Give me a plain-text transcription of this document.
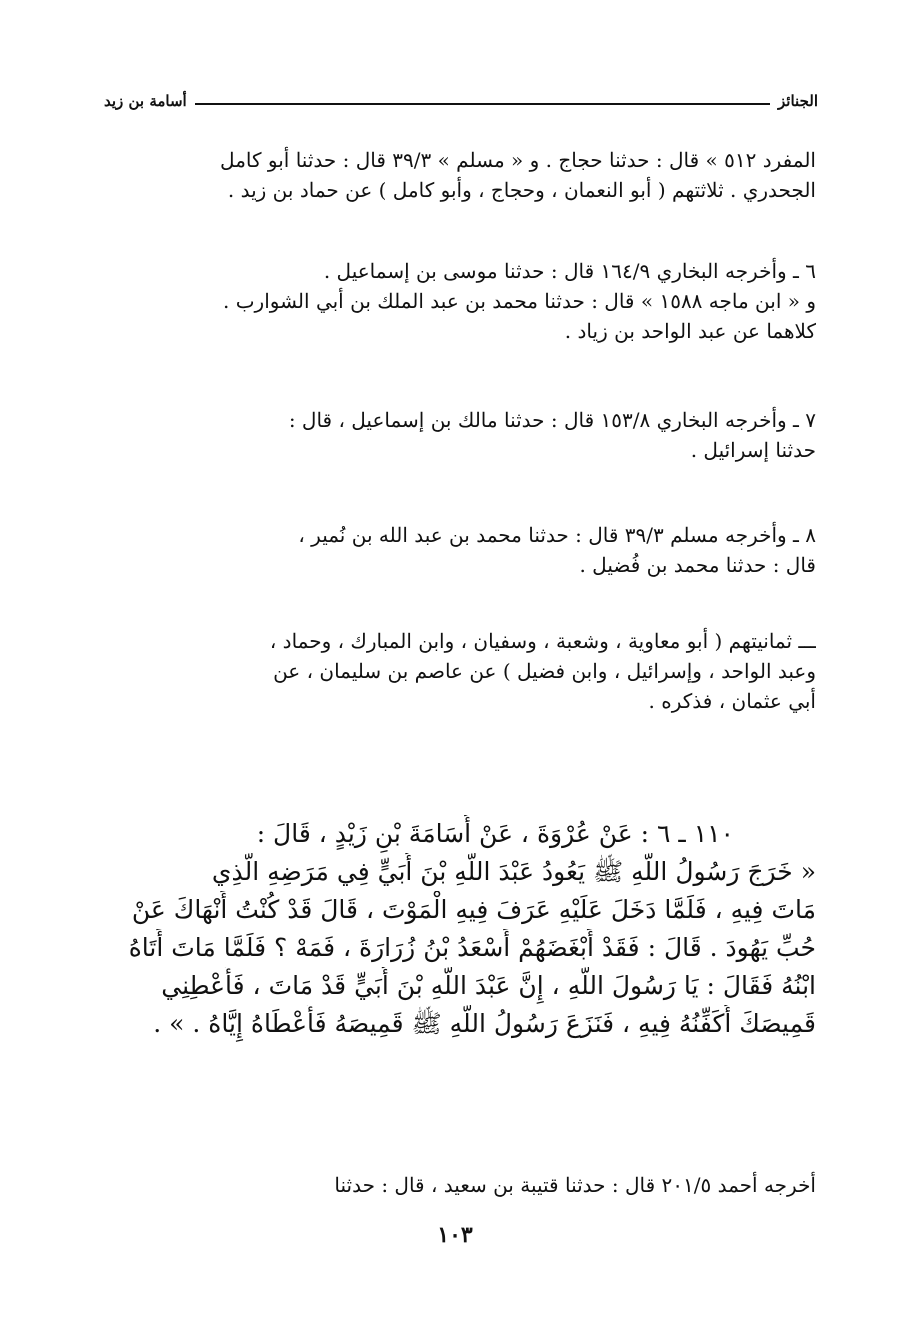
الجنائز
أسامة بن زيد
المفرد ٥١٢ » قال : حدثنا حجاج . و « مسلم » ٣٩/٣ قال : حدثنا أبو كامل
الجحدري . ثلاثتهم ( أبو النعمان ، وحجاج ، وأبو كامل ) عن حماد بن زيد .
٦ ـ وأخرجه البخاري ١٦٤/٩ قال : حدثنا موسى بن إسماعيل .
و « ابن ماجه ١٥٨٨ » قال : حدثنا محمد بن عبد الملك بن أبي الشوارب .
كلاهما عن عبد الواحد بن زياد .
٧ ـ وأخرجه البخاري ١٥٣/٨ قال : حدثنا مالك بن إسماعيل ، قال :
حدثنا إسرائيل .
٨ ـ وأخرجه مسلم ٣٩/٣ قال : حدثنا محمد بن عبد الله بن نُمير ،
قال : حدثنا محمد بن فُضيل .
ـــ ثمانيتهم ( أبو معاوية ، وشعبة ، وسفيان ، وابن المبارك ، وحماد ،
وعبد الواحد ، وإسرائيل ، وابن فضيل ) عن عاصم بن سليمان ، عن
أبي عثمان ، فذكره .
١١٠ ـ ٦ : عَنْ عُرْوَةَ ، عَنْ أُسَامَةَ بْنِ زَيْدٍ ، قَالَ :
« خَرَجَ رَسُولُ اللَّهِ ﷺ يَعُودُ عَبْدَ اللَّهِ بْنَ أُبَيٍّ فِي مَرَضِهِ الَّذِي
مَاتَ فِيهِ ، فَلَمَّا دَخَلَ عَلَيْهِ عَرَفَ فِيهِ الْمَوْتَ ، قَالَ قَدْ كُنْتُ أَنْهَاكَ عَنْ
حُبِّ يَهُودَ . قَالَ : فَقَدْ أَبْغَضَهُمْ أَسْعَدُ بْنُ زُرَارَةَ ، فَمَهْ ؟ فَلَمَّا مَاتَ أَتَاهُ
ابْنُهُ فَقَالَ : يَا رَسُولَ اللَّهِ ، إِنَّ عَبْدَ اللَّهِ بْنَ أُبَيٍّ قَدْ مَاتَ ، فَأَعْطِنِي
قَمِيصَكَ أُكَفِّنُهُ فِيهِ ، فَنَزَعَ رَسُولُ اللَّهِ ﷺ قَمِيصَهُ فَأَعْطَاهُ إِيَّاهُ . » .
أخرجه أحمد ٢٠١/٥ قال : حدثنا قتيبة بن سعيد ، قال : حدثنا
١٠٣
